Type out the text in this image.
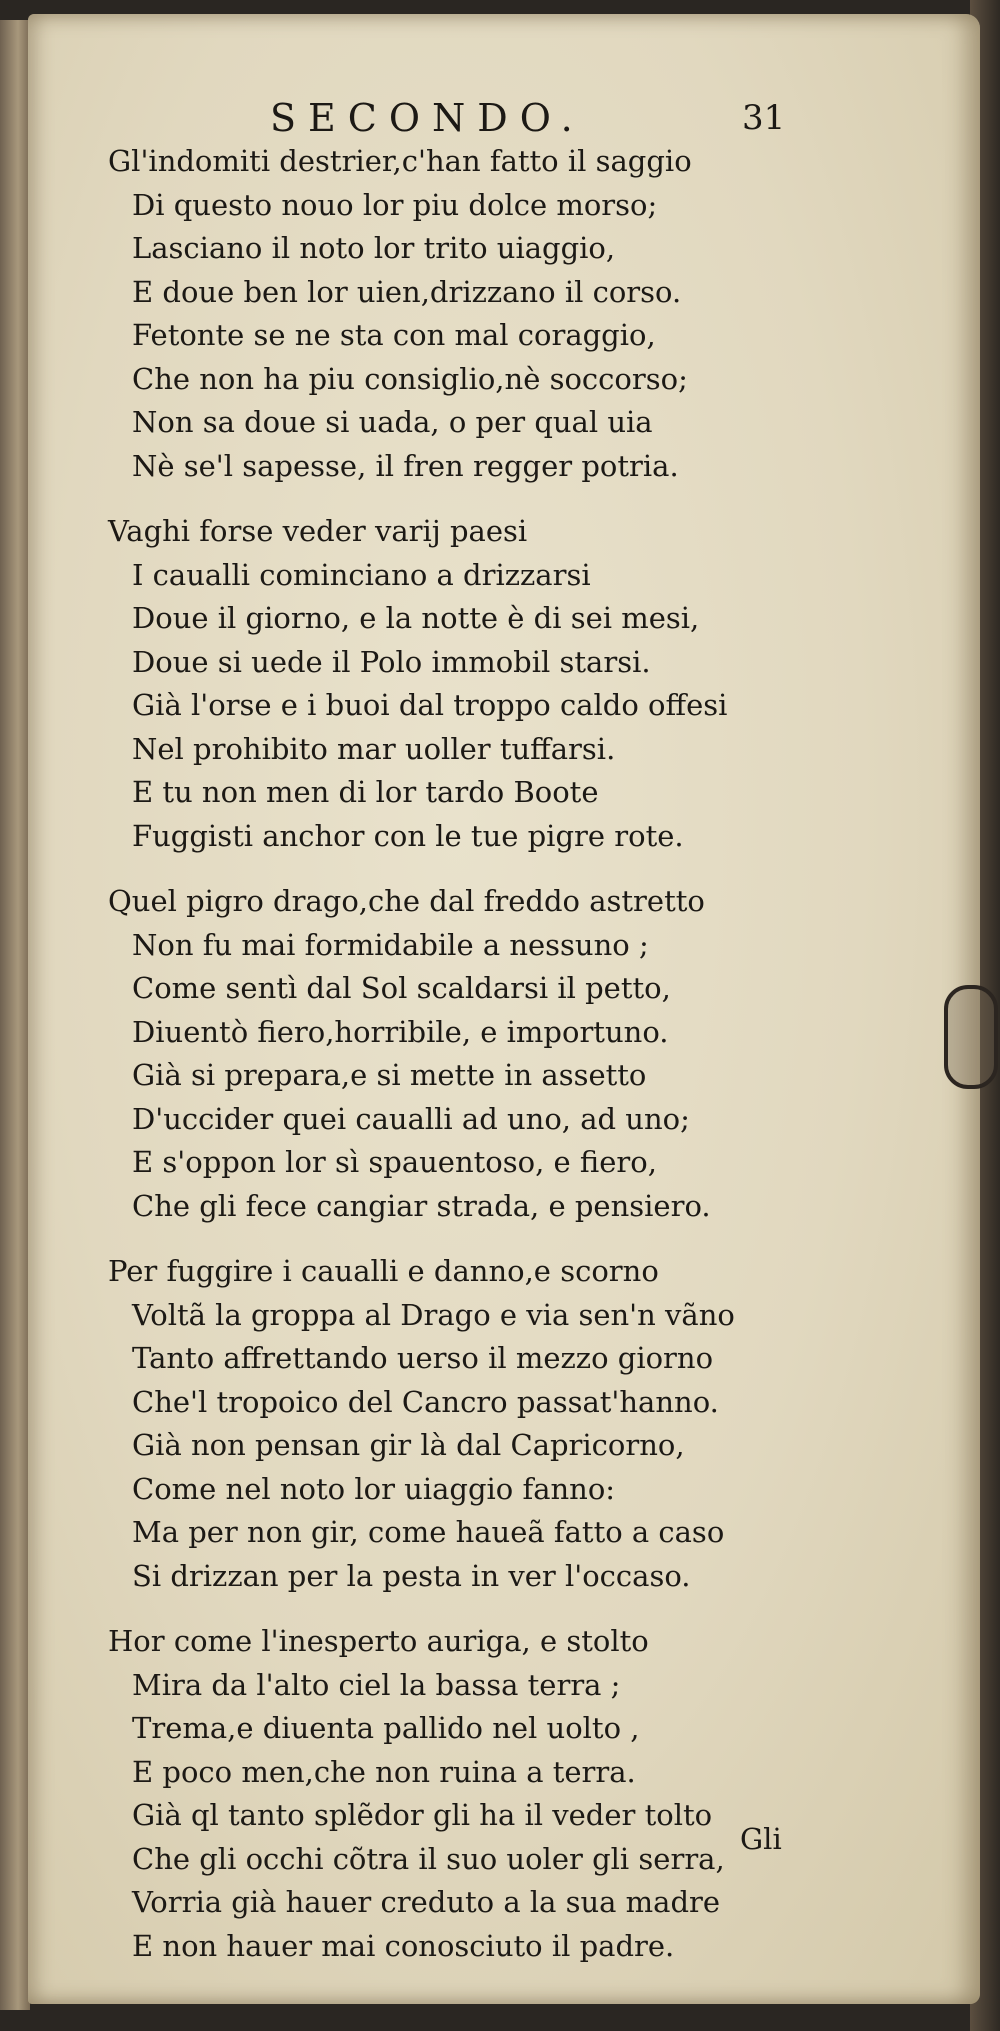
SECONDO.	31
Gl'indomiti destrier,c'han fatto il saggio
Di questo nouo lor piu dolce morso;
Lasciano il noto lor trito uiaggio,
E doue ben lor uien,drizzano il corso.
Fetonte se ne sta con mal coraggio,
Che non ha piu consiglio,nè soccorso;
Non sa doue si uada, o per qual uia
Nè se'l sapesse, il fren regger potria.
Vaghi forse veder varij paesi
I caualli cominciano a drizzarsi
Doue il giorno, e la notte è di sei mesi,
Doue si uede il Polo immobil starsi.
Già l'orse e i buoi dal troppo caldo offesi
Nel prohibito mar uoller tuffarsi.
E tu non men di lor tardo Boote
Fuggisti anchor con le tue pigre rote.
Quel pigro drago,che dal freddo astretto
Non fu mai formidabile a nessuno ;
Come sentì dal Sol scaldarsi il petto,
Diuentò fiero,horribile, e importuno.
Già si prepara,e si mette in assetto
D'uccider quei caualli ad uno, ad uno;
E s'oppon lor sì spauentoso, e fiero,
Che gli fece cangiar strada, e pensiero.
Per fuggire i caualli e danno,e scorno
Voltã la groppa al Drago e via sen'n vãno
Tanto affrettando uerso il mezzo giorno
Che'l tropoico del Cancro passat'hanno.
Già non pensan gir là dal Capricorno,
Come nel noto lor uiaggio fanno:
Ma per non gir, come haueã fatto a caso
Si drizzan per la pesta in ver l'occaso.
Hor come l'inesperto auriga, e stolto
Mira da l'alto ciel la bassa terra ;
Trema,e diuenta pallido nel uolto ,
E poco men,che non ruina a terra.
Già ql tanto splẽdor gli ha il veder tolto
Che gli occhi cõtra il suo uoler gli serra,
Vorria già hauer creduto a la sua madre
E non hauer mai conosciuto il padre.
Gli
